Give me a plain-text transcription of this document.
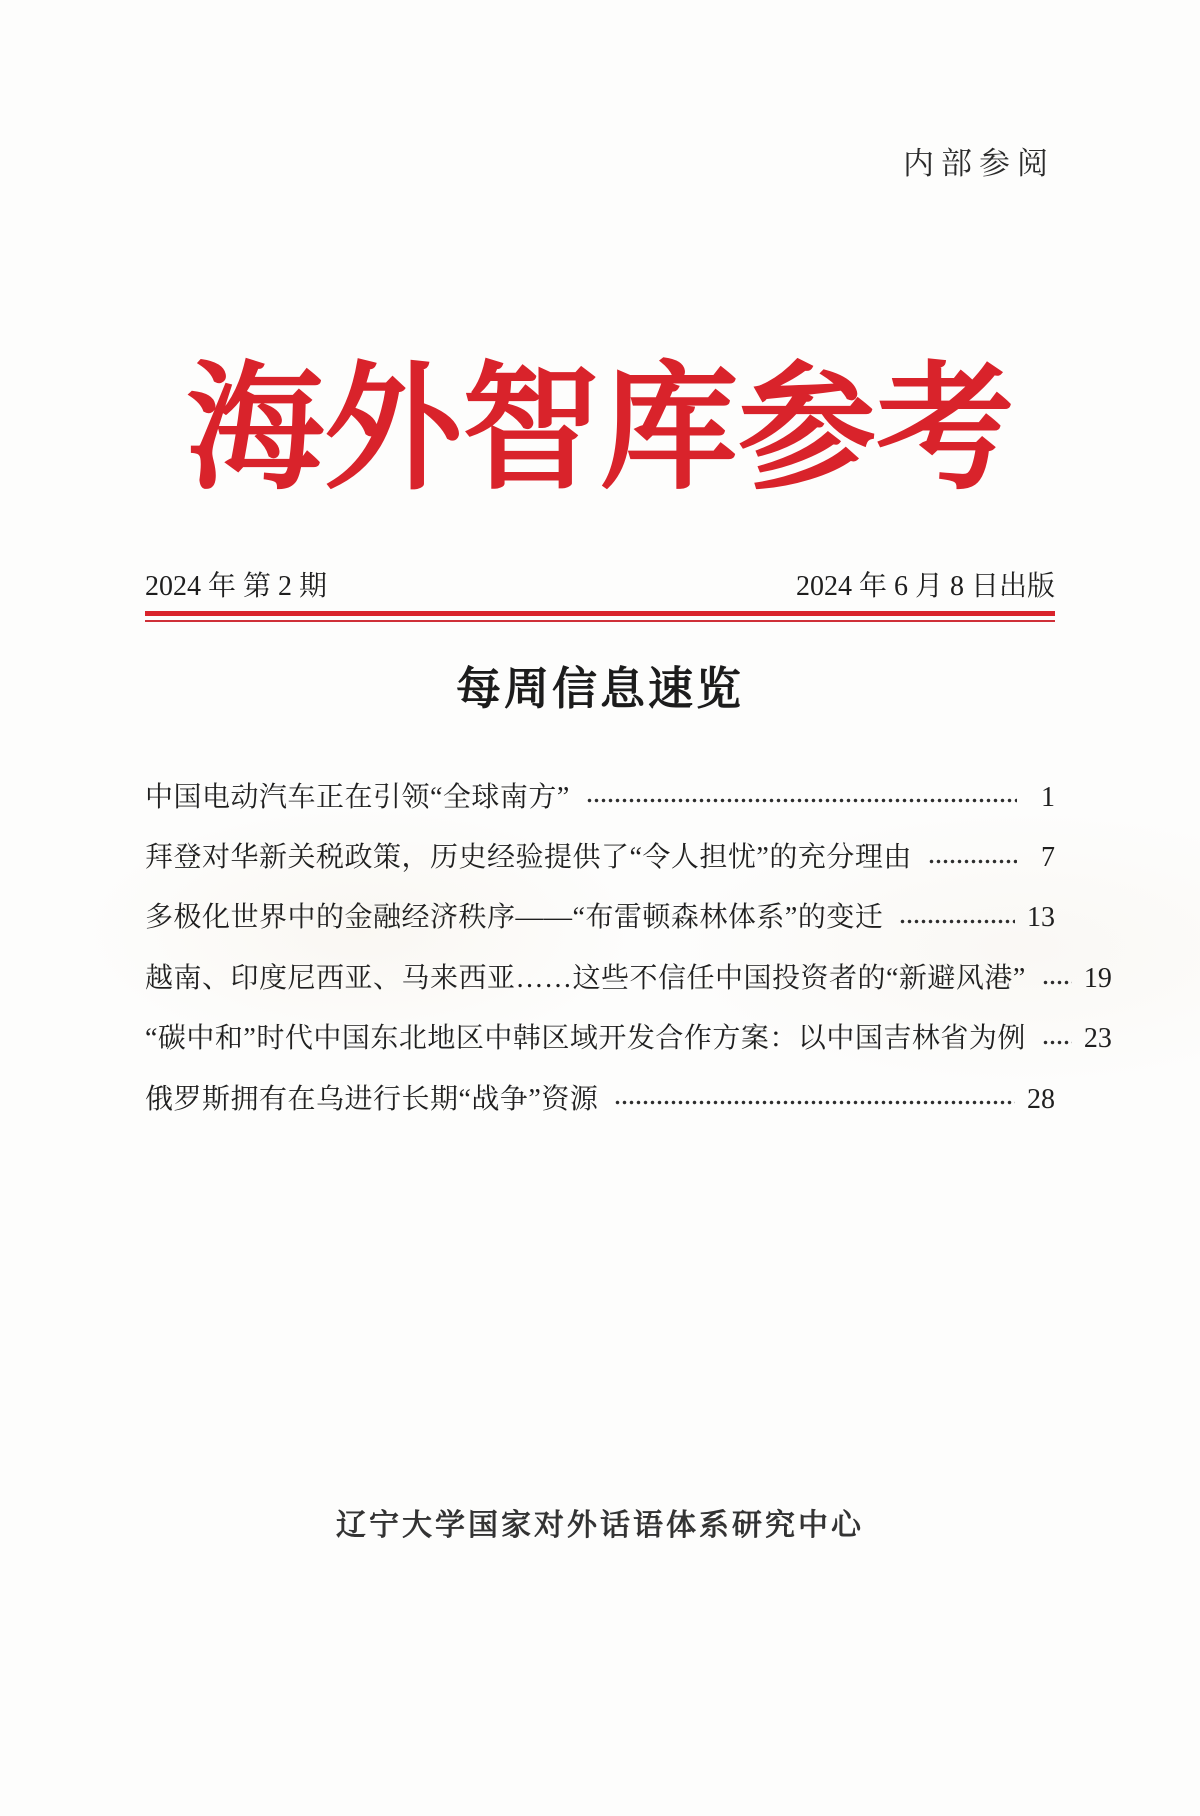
内部参阅
海外智库参考
2024 年 第 2 期	2024 年 6 月 8 日出版
每周信息速览
中国电动汽车正在引领“全球南方”	1
拜登对华新关税政策，历史经验提供了“令人担忧”的充分理由	7
多极化世界中的金融经济秩序——“布雷顿森林体系”的变迁	13
越南、印度尼西亚、马来西亚……这些不信任中国投资者的“新避风港” 19
“碳中和”时代中国东北地区中韩区域开发合作方案：以中国吉林省为例 23
俄罗斯拥有在乌进行长期“战争”资源	28
辽宁大学国家对外话语体系研究中心
